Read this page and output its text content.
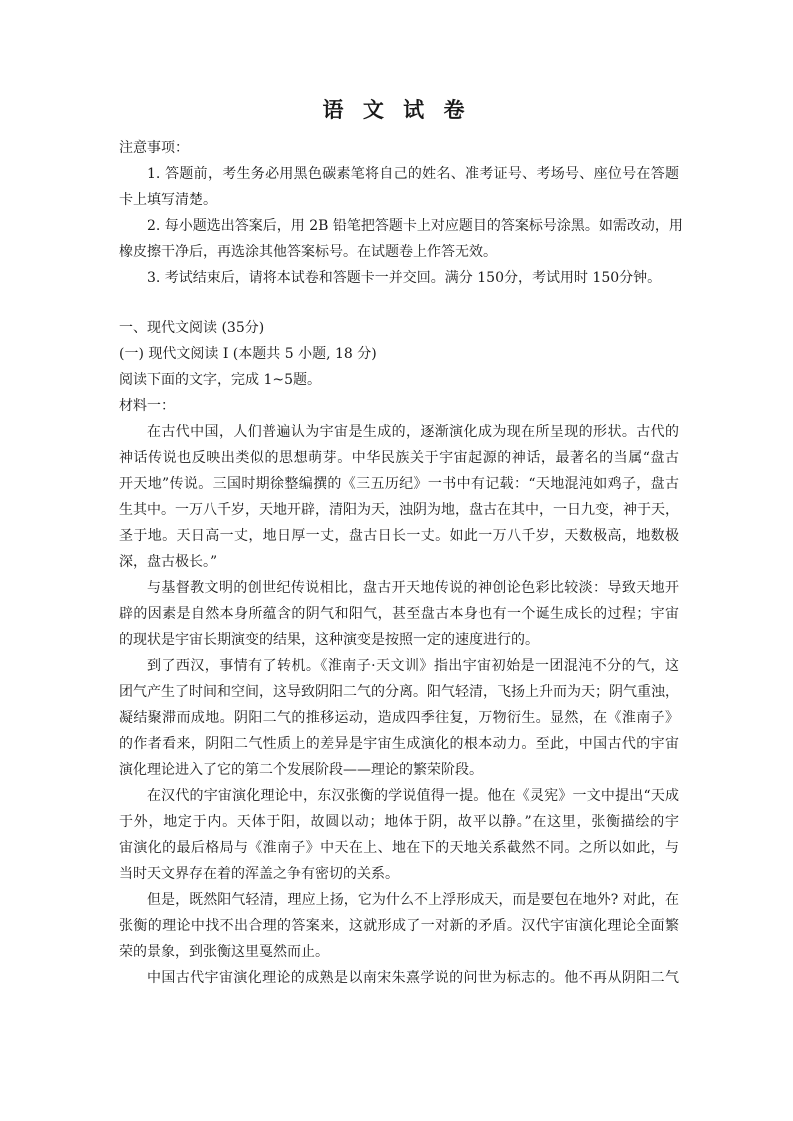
语 文 试 卷
注意事项：
1. 答题前，考生务必用黑色碳素笔将自己的姓名、准考证号、考场号、座位号在答题
卡上填写清楚。
2. 每小题选出答案后，用 2B 铅笔把答题卡上对应题目的答案标号涂黑。如需改动，用
橡皮擦干净后，再选涂其他答案标号。在试题卷上作答无效。
3. 考试结束后，请将本试卷和答题卡一并交回。满分 150分，考试用时 150分钟。
一、现代文阅读 (35分)
(一) 现代文阅读 I (本题共 5 小题, 18 分)
阅读下面的文字，完成 1~5题。
材料一：
在古代中国，人们普遍认为宇宙是生成的，逐渐演化成为现在所呈现的形状。古代的
神话传说也反映出类似的思想萌芽。中华民族关于宇宙起源的神话，最著名的当属“盘古
开天地”传说。三国时期徐整编撰的《三五历纪》一书中有记载：“天地混沌如鸡子，盘古
生其中。一万八千岁，天地开辟，清阳为天，浊阴为地，盘古在其中，一日九变，神于天，
圣于地。天日高一丈，地日厚一丈，盘古日长一丈。如此一万八千岁，天数极高，地数极
深，盘古极长。”
与基督教文明的创世纪传说相比，盘古开天地传说的神创论色彩比较淡：导致天地开
辟的因素是自然本身所蕴含的阴气和阳气，甚至盘古本身也有一个诞生成长的过程；宇宙
的现状是宇宙长期演变的结果，这种演变是按照一定的速度进行的。
到了西汉，事情有了转机。《淮南子·天文训》指出宇宙初始是一团混沌不分的气，这
团气产生了时间和空间，这导致阴阳二气的分离。阳气轻清，飞扬上升而为天；阴气重浊，
凝结聚滞而成地。阴阳二气的推移运动，造成四季往复，万物衍生。显然，在《淮南子》
的作者看来，阴阳二气性质上的差异是宇宙生成演化的根本动力。至此，中国古代的宇宙
演化理论进入了它的第二个发展阶段——理论的繁荣阶段。
在汉代的宇宙演化理论中，东汉张衡的学说值得一提。他在《灵宪》一文中提出“天成
于外，地定于内。天体于阳，故圆以动；地体于阴，故平以静。”在这里，张衡描绘的宇
宙演化的最后格局与《淮南子》中天在上、地在下的天地关系截然不同。之所以如此，与
当时天文界存在着的浑盖之争有密切的关系。
但是，既然阳气轻清，理应上扬，它为什么不上浮形成天，而是要包在地外? 对此，在
张衡的理论中找不出合理的答案来，这就形成了一对新的矛盾。汉代宇宙演化理论全面繁
荣的景象，到张衡这里戛然而止。
中国古代宇宙演化理论的成熟是以南宋朱熹学说的问世为标志的。他不再从阴阳二气
